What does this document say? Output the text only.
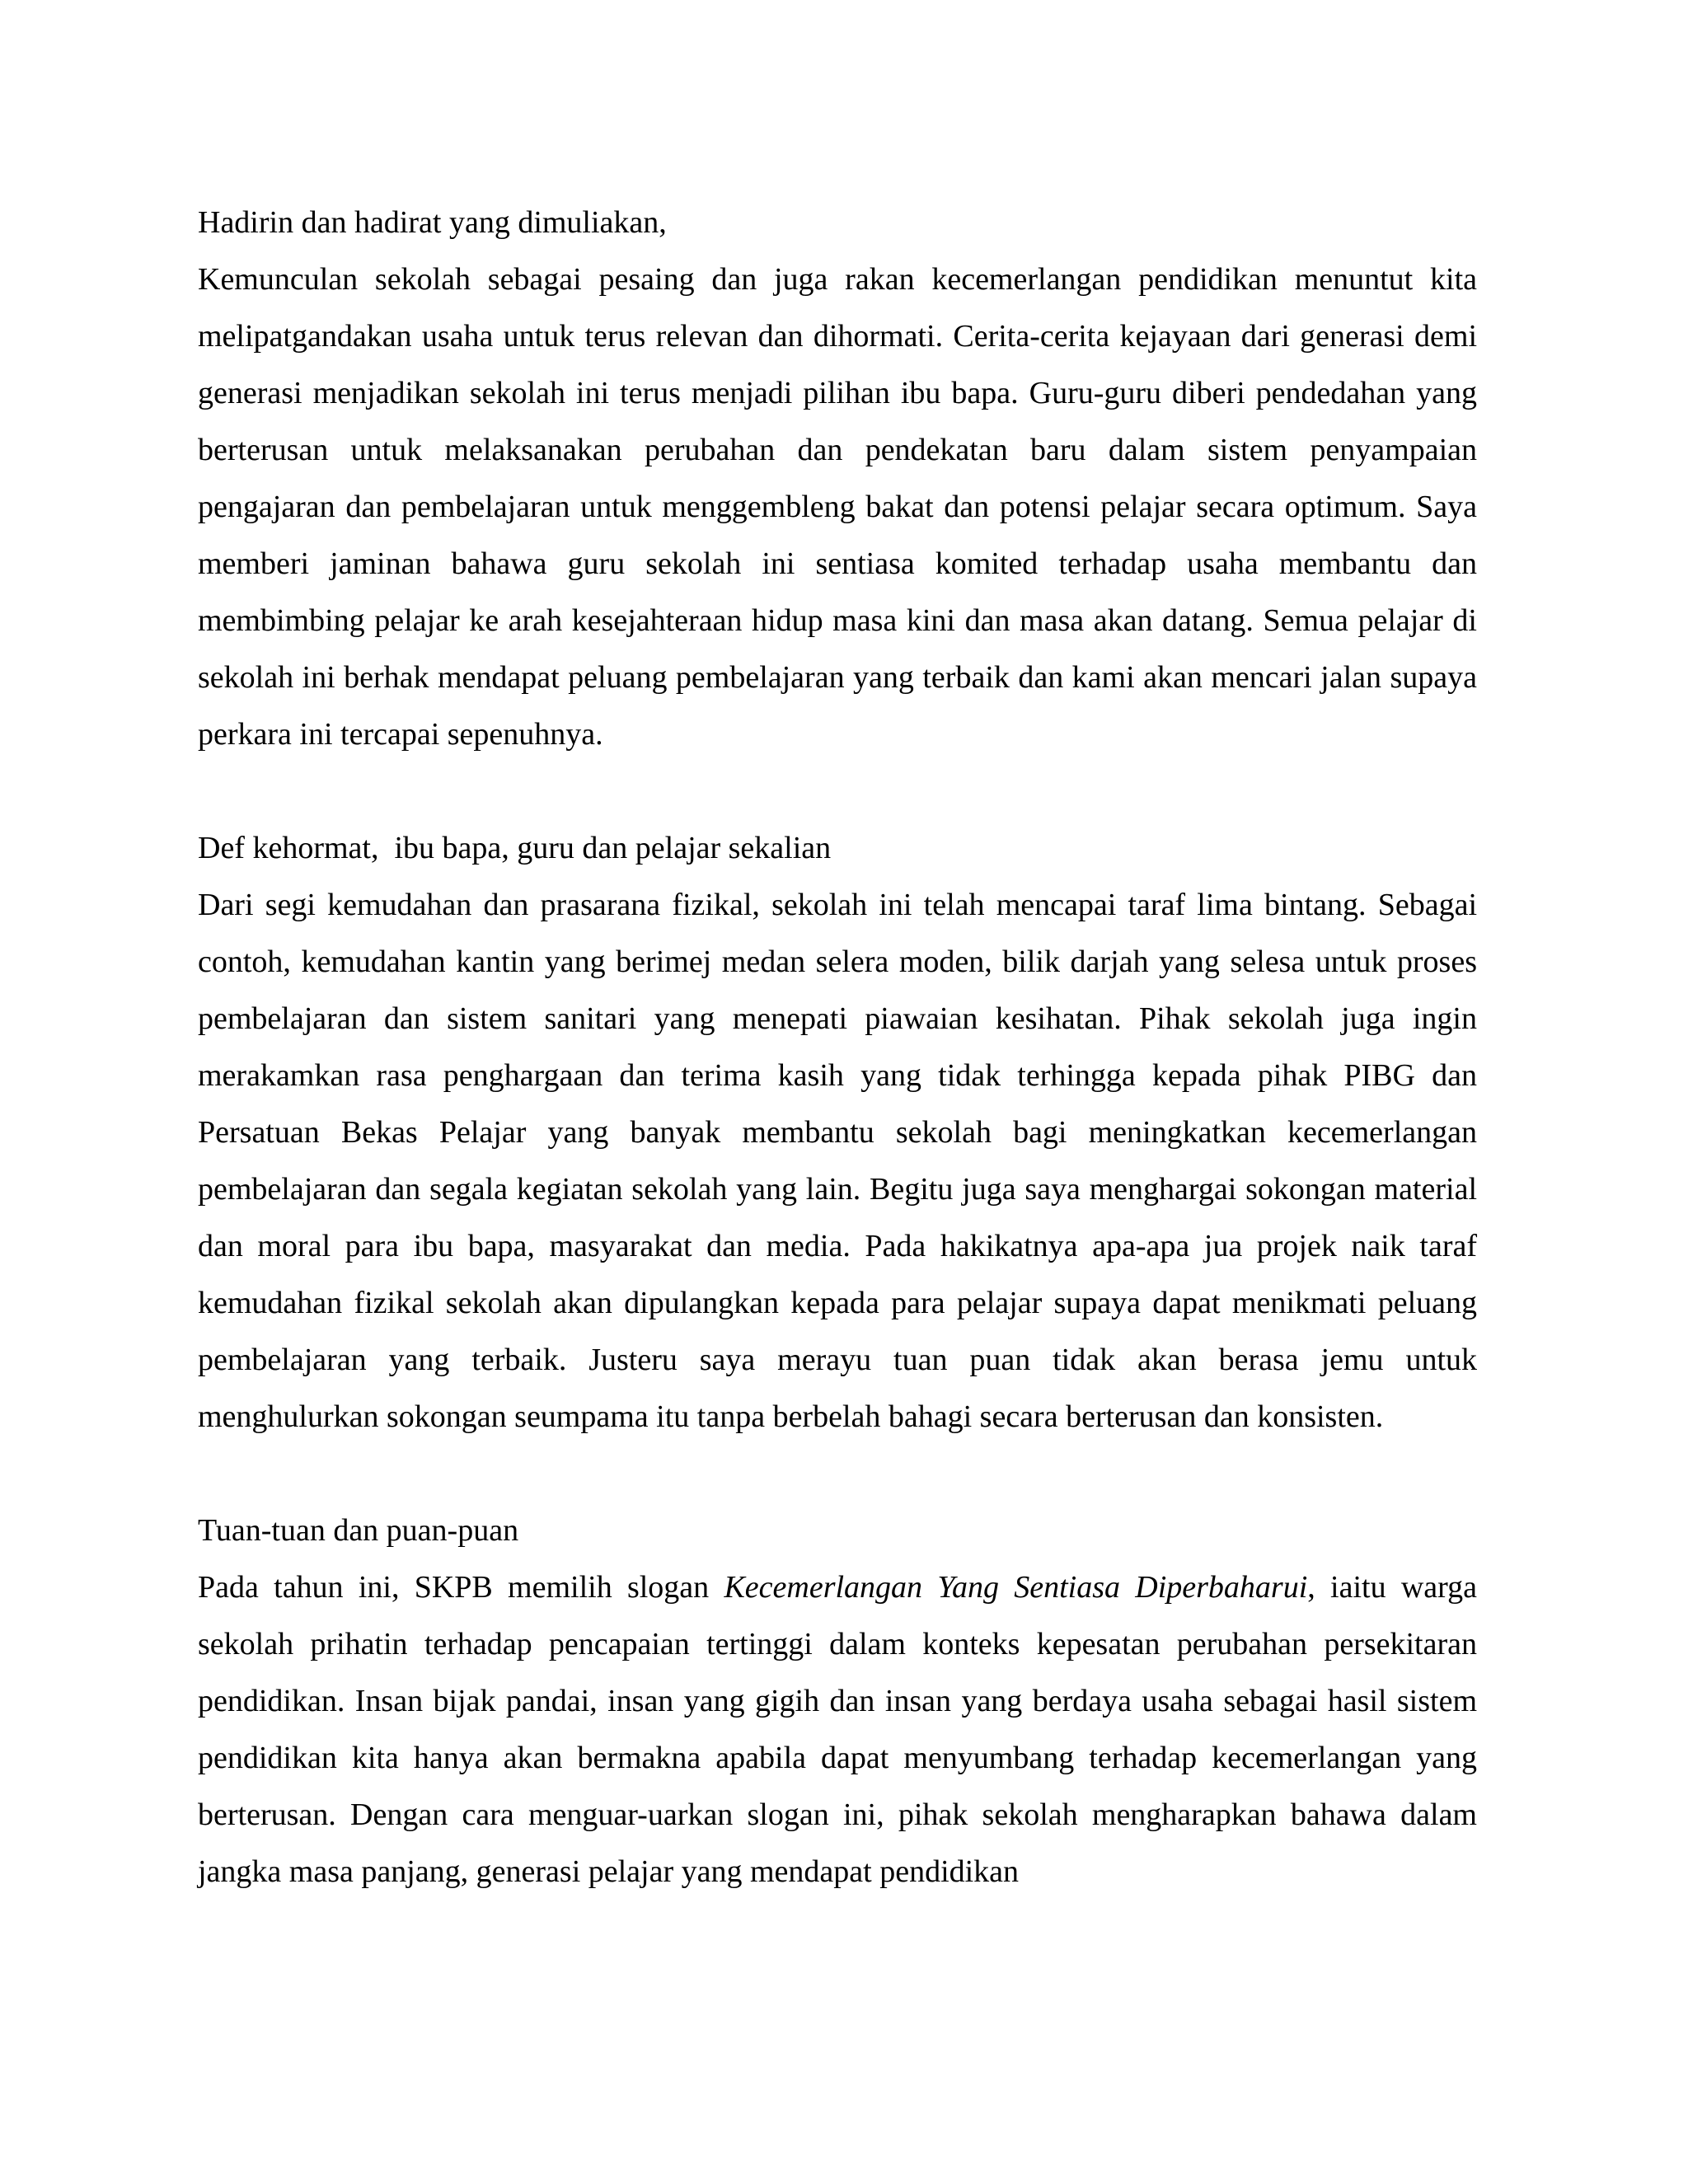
Hadirin dan hadirat yang dimuliakan,

Kemunculan sekolah sebagai pesaing dan juga rakan kecemerlangan pendidikan menuntut kita melipatgandakan usaha untuk terus relevan dan dihormati. Cerita-cerita kejayaan dari generasi demi generasi menjadikan sekolah ini terus menjadi pilihan ibu bapa. Guru-guru diberi pendedahan yang berterusan untuk melaksanakan perubahan dan pendekatan baru dalam sistem penyampaian pengajaran dan pembelajaran untuk menggembleng bakat dan potensi pelajar secara optimum. Saya memberi jaminan bahawa guru sekolah ini sentiasa komited terhadap usaha membantu dan membimbing pelajar ke arah kesejahteraan hidup masa kini dan masa akan datang. Semua pelajar di sekolah ini berhak mendapat peluang pembelajaran yang terbaik dan kami akan mencari jalan supaya perkara ini tercapai sepenuhnya.

Def kehormat,  ibu bapa, guru dan pelajar sekalian

Dari segi kemudahan dan prasarana fizikal, sekolah ini telah mencapai taraf lima bintang. Sebagai contoh, kemudahan kantin yang berimej medan selera moden, bilik darjah yang selesa untuk proses pembelajaran dan sistem sanitari yang menepati piawaian kesihatan. Pihak sekolah juga ingin merakamkan rasa penghargaan dan terima kasih yang tidak terhingga kepada pihak PIBG dan Persatuan Bekas Pelajar yang banyak membantu sekolah bagi meningkatkan kecemerlangan pembelajaran dan segala kegiatan sekolah yang lain. Begitu juga saya menghargai sokongan material dan moral para ibu bapa, masyarakat dan media. Pada hakikatnya apa-apa jua projek naik taraf kemudahan fizikal sekolah akan dipulangkan kepada para pelajar supaya dapat menikmati peluang pembelajaran yang terbaik. Justeru saya merayu tuan puan tidak akan berasa jemu untuk menghulurkan sokongan seumpama itu tanpa berbelah bahagi secara berterusan dan konsisten.

Tuan-tuan dan puan-puan

Pada tahun ini, SKPB memilih slogan Kecemerlangan Yang Sentiasa Diperbaharui, iaitu warga sekolah prihatin terhadap pencapaian tertinggi dalam konteks kepesatan perubahan persekitaran pendidikan. Insan bijak pandai, insan yang gigih dan insan yang berdaya usaha sebagai hasil sistem pendidikan kita hanya akan bermakna apabila dapat menyumbang terhadap kecemerlangan yang berterusan. Dengan cara menguar-uarkan slogan ini, pihak sekolah mengharapkan bahawa dalam jangka masa panjang, generasi pelajar yang mendapat pendidikan
